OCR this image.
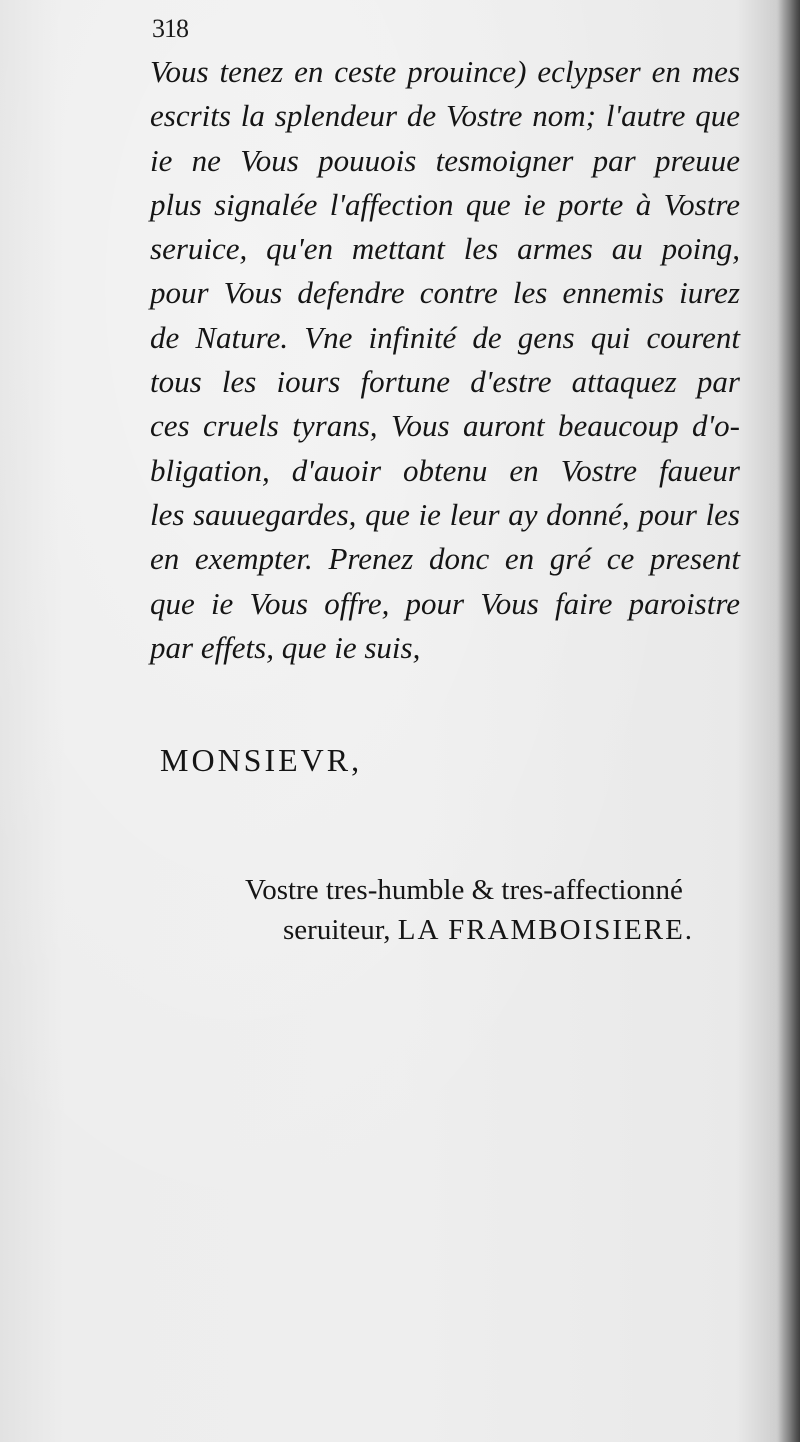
318
Vous tenez en ceste prouince) eclypser en mes
escrits la splendeur de Vostre nom; l'autre que
ie ne Vous pouuois tesmoigner par preuue
plus signalée l'affection que ie porte à Vostre
seruice, qu'en mettant les armes au poing,
pour Vous defendre contre les ennemis iurez
de Nature. Vne infinité de gens qui courent
tous les iours fortune d'estre attaquez par
ces cruels tyrans, Vous auront beaucoup d'o-
bligation, d'auoir obtenu en Vostre faueur
les sauuegardes, que ie leur ay donné, pour les
en exempter. Prenez donc en gré ce present
que ie Vous offre, pour Vous faire paroistre
par effets, que ie suis,
MONSIEVR,
Vostre tres-humble & tres-affectionné
seruiteur, LA FRAMBOISIERE.
